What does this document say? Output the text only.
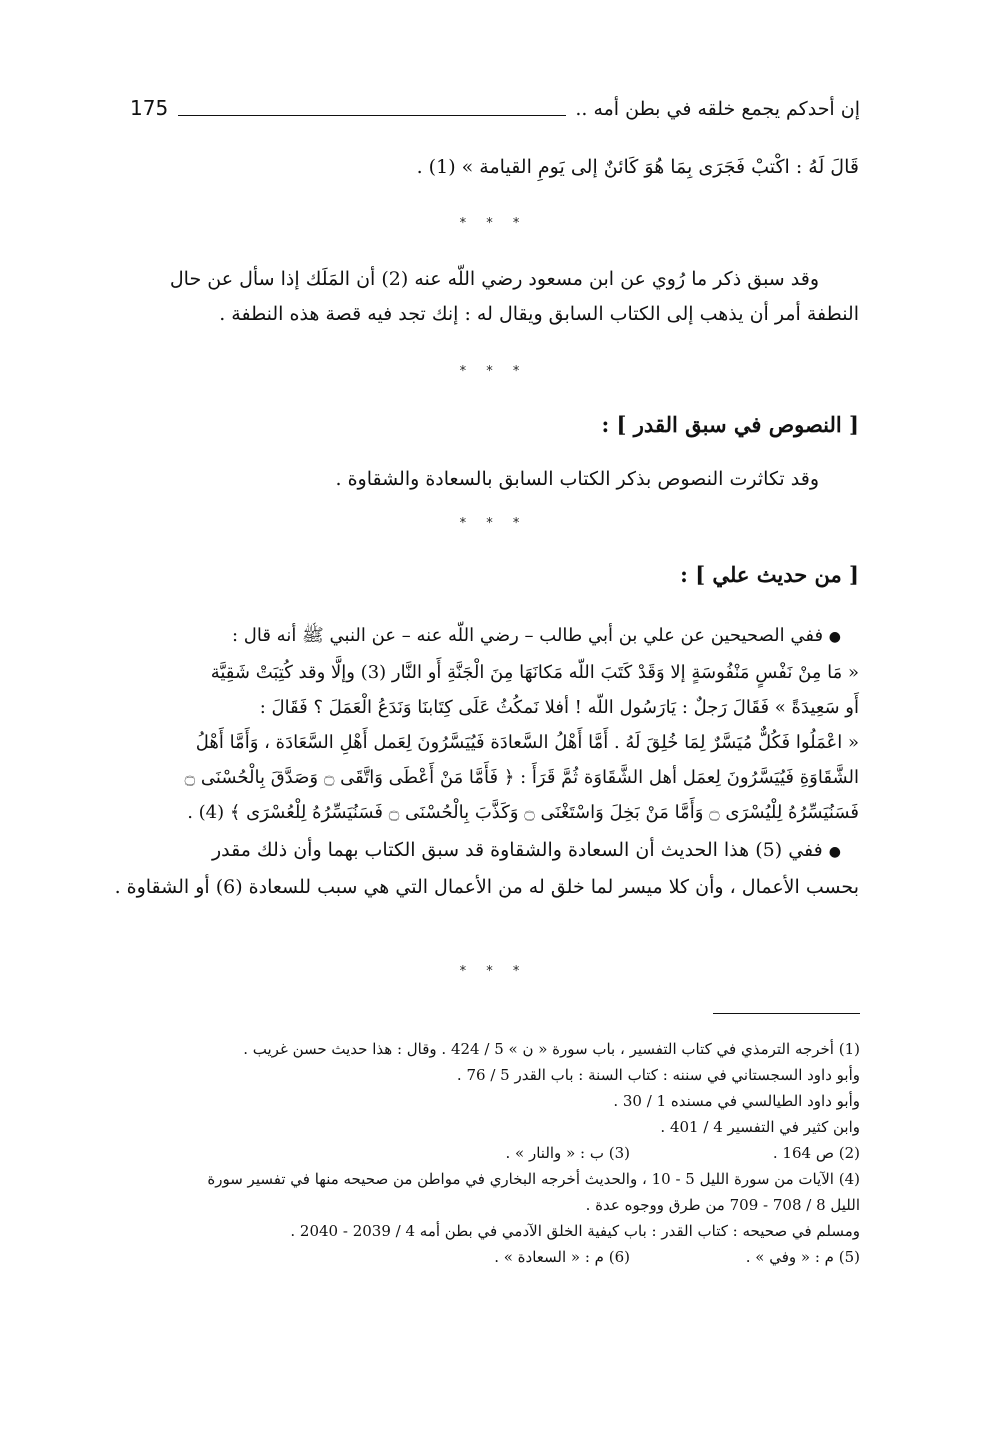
إن أحدكم يجمع خلقه في بطن أمه ..
175
قَالَ لَهُ : اكْتبْ فَجَرَى بِمَا هُوَ كَائنٌ إلى يَومِ القيامة » (1) .
* * *
وقد سبق ذكر ما رُوي عن ابن مسعود رضي اللّه عنه (2) أن المَلَك إذا سأل عن حال
النطفة أمر أن يذهب إلى الكتاب السابق ويقال له : إنك تجد فيه قصة هذه النطفة .
* * *
[ النصوص في سبق القدر ] :
وقد تكاثرت النصوص بذكر الكتاب السابق بالسعادة والشقاوة .
* * *
[ من حديث علي ] :
● ففي الصحيحين عن علي بن أبي طالب – رضي اللّه عنه – عن النبي ﷺ أنه قال :
« مَا مِنْ نَفْسٍ مَنْفُوسَةٍ إلا وَقَدْ كَتَبَ اللّه مَكانَهَا مِنَ الْجَنَّةِ أَو النَّار (3) وإلَّا وقد كُتِبَتْ شَقِيَّة
أَو سَعِيدَةً » فَقَالَ رَجلٌ : يَارَسُول اللّه ! أفلا نَمكُثُ عَلَى كِتَابنَا وَنَدَعُ الْعَمَلَ ؟ فَقَالَ :
« اعْمَلُوا فَكُلٌّ مُيَسَّرٌ لِمَا خُلِقَ لَهُ . أَمَّا أَهْلُ السَّعادَة فَيُيَسَّرُونَ لِعَمل أَهْلِ السَّعَادَة ، وَأَمَّا أَهْلُ
الشَّقَاوَةِ فَيُيَسَّرُونَ لِعمَل أهل الشَّقَاوَة ثُمَّ قَرَأَ : ﴿ فَأَمَّا مَنْ أَعْطَى وَاتَّقَى ۝ وَصَدَّقَ بِالْحُسْنَى ۝
فَسَنُيَسِّرُهُ لِلْيُسْرَى ۝ وَأَمَّا مَنْ بَخِلَ وَاسْتَغْنَى ۝ وَكَذَّبَ بِالْحُسْنَى ۝ فَسَنُيَسِّرُهُ لِلْعُسْرَى ﴾ (4) .
● ففي (5) هذا الحديث أن السعادة والشقاوة قد سبق الكتاب بهما وأن ذلك مقدر
بحسب الأعمال ، وأن كلا ميسر لما خلق له من الأعمال التي هي سبب للسعادة (6) أو الشقاوة .
* * *
(1) أخرجه الترمذي في كتاب التفسير ، باب سورة « ن » 5 / 424 . وقال : هذا حديث حسن غريب .
وأبو داود السجستاني في سننه : كتاب السنة : باب القدر 5 / 76 .
وأبو داود الطيالسي في مسنده 1 / 30 .
وابن كثير في التفسير 4 / 401 .
(2) ص 164 .
(3) ب : « والنار » .
(4) الآيات من سورة الليل 5 - 10 ، والحديث أخرجه البخاري في مواطن من صحيحه منها في تفسير سورة
الليل 8 / 708 - 709 من طرق ووجوه عدة .
ومسلم في صحيحه : كتاب القدر : باب كيفية الخلق الآدمي في بطن أمه 4 / 2039 - 2040 .
(5) م : « وفي » .
(6) م : « السعادة » .
